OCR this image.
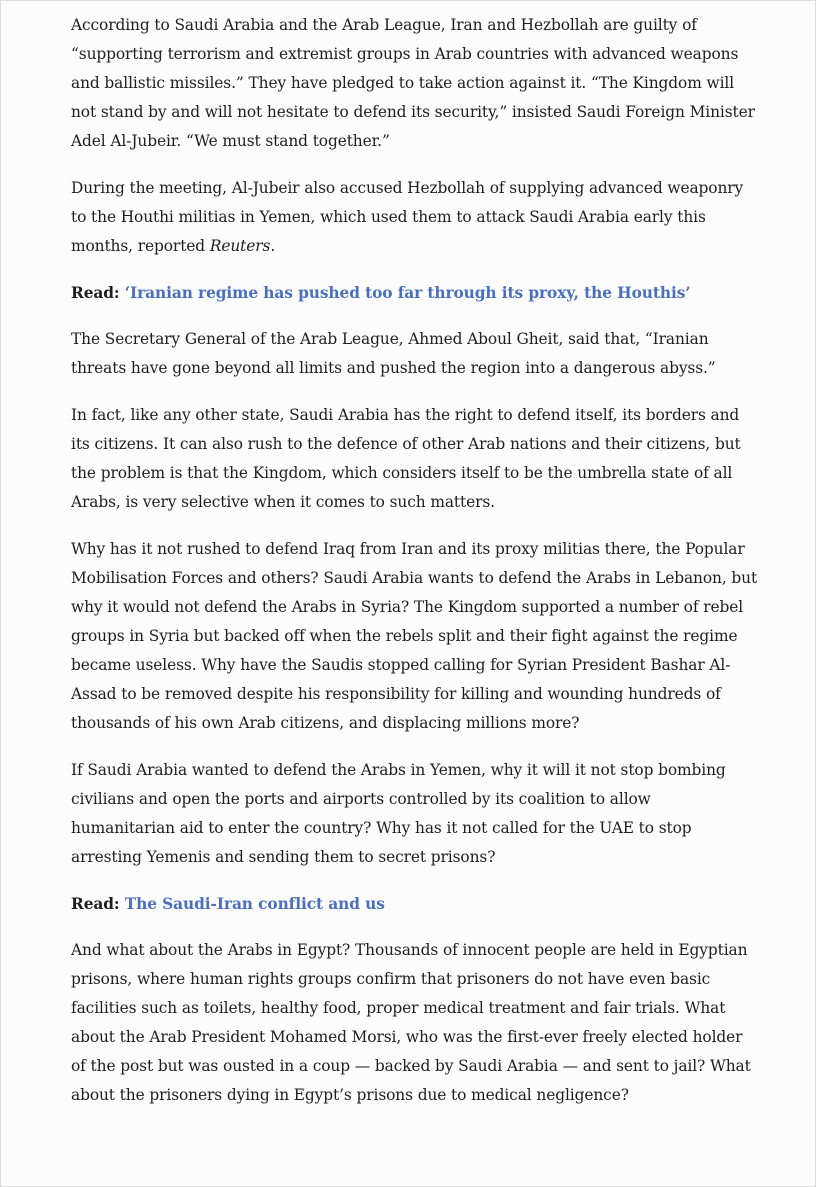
According to Saudi Arabia and the Arab League, Iran and Hezbollah are guilty of “supporting terrorism and extremist groups in Arab countries with advanced weapons and ballistic missiles.” They have pledged to take action against it. “The Kingdom will not stand by and will not hesitate to defend its security,” insisted Saudi Foreign Minister Adel Al-Jubeir. “We must stand together.”

During the meeting, Al-Jubeir also accused Hezbollah of supplying advanced weaponry to the Houthi militias in Yemen, which used them to attack Saudi Arabia early this months, reported Reuters.

Read: ‘Iranian regime has pushed too far through its proxy, the Houthis’

The Secretary General of the Arab League, Ahmed Aboul Gheit, said that, “Iranian threats have gone beyond all limits and pushed the region into a dangerous abyss.”

In fact, like any other state, Saudi Arabia has the right to defend itself, its borders and its citizens. It can also rush to the defence of other Arab nations and their citizens, but the problem is that the Kingdom, which considers itself to be the umbrella state of all Arabs, is very selective when it comes to such matters.

Why has it not rushed to defend Iraq from Iran and its proxy militias there, the Popular Mobilisation Forces and others? Saudi Arabia wants to defend the Arabs in Lebanon, but why it would not defend the Arabs in Syria? The Kingdom supported a number of rebel groups in Syria but backed off when the rebels split and their fight against the regime became useless. Why have the Saudis stopped calling for Syrian President Bashar Al-Assad to be removed despite his responsibility for killing and wounding hundreds of thousands of his own Arab citizens, and displacing millions more?

If Saudi Arabia wanted to defend the Arabs in Yemen, why it will it not stop bombing civilians and open the ports and airports controlled by its coalition to allow humanitarian aid to enter the country? Why has it not called for the UAE to stop arresting Yemenis and sending them to secret prisons?

Read: The Saudi-Iran conflict and us

And what about the Arabs in Egypt? Thousands of innocent people are held in Egyptian prisons, where human rights groups confirm that prisoners do not have even basic facilities such as toilets, healthy food, proper medical treatment and fair trials. What about the Arab President Mohamed Morsi, who was the first-ever freely elected holder of the post but was ousted in a coup — backed by Saudi Arabia — and sent to jail? What about the prisoners dying in Egypt’s prisons due to medical negligence?
